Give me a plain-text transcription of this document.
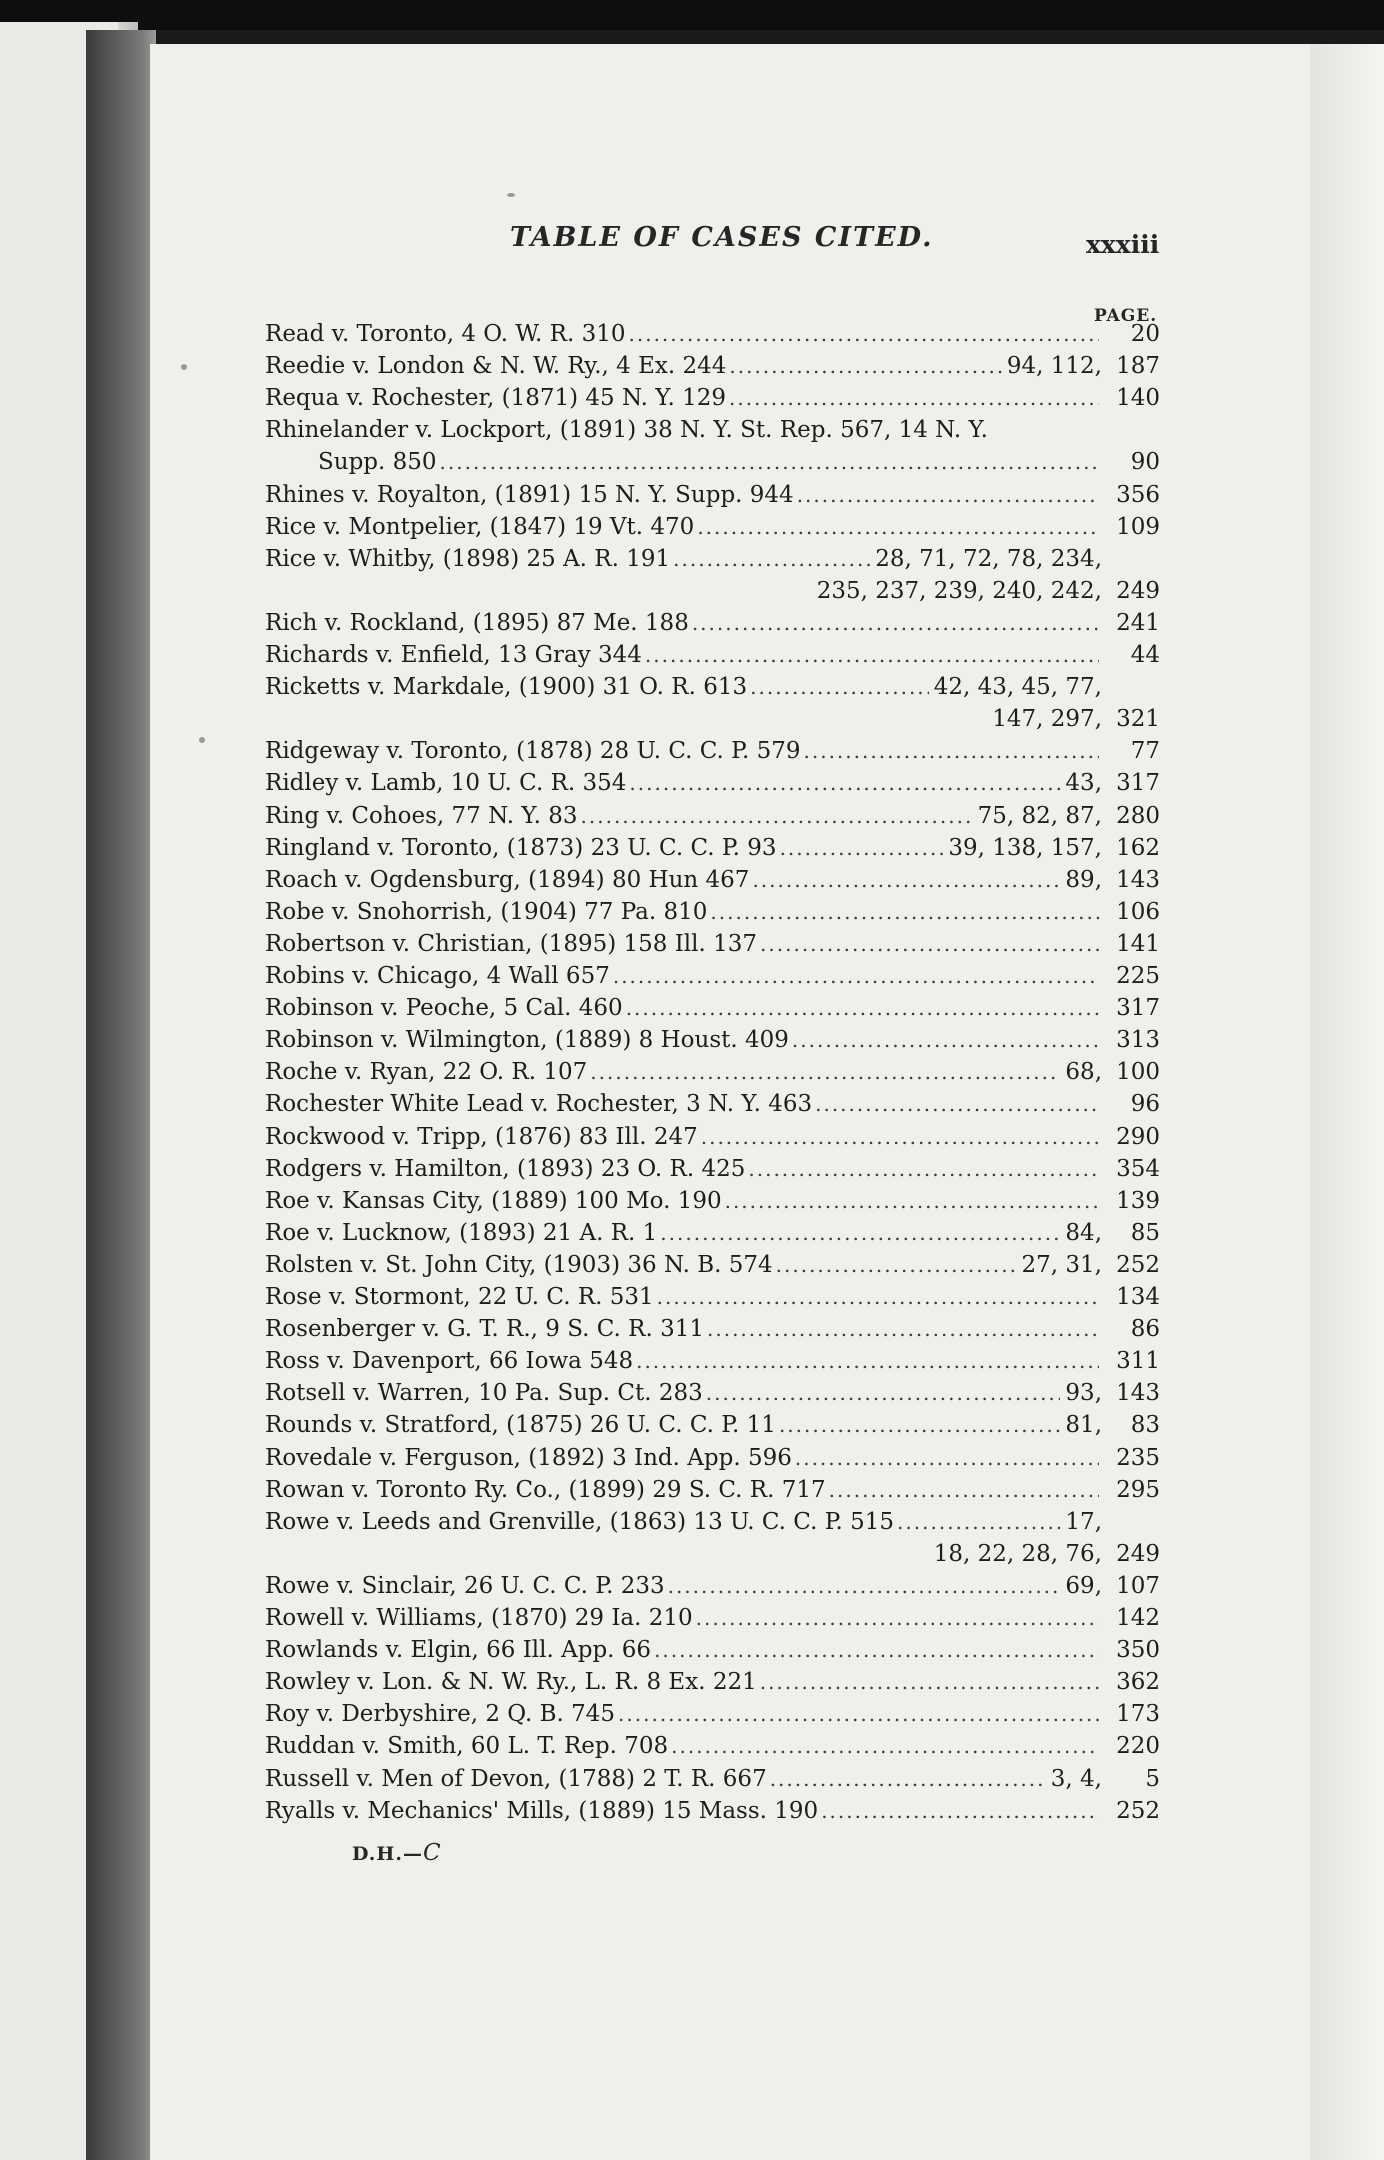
TABLE OF CASES CITED.	xxxiii
PAGE.
Read v. Toronto, 4 O. W. R. 310 .....	20
Reedie v. London & N. W. Ry., 4 Ex. 244 .....	94, 112, 187
Requa v. Rochester, (1871) 45 N. Y. 129 .....	140
Rhinelander v. Lockport, (1891) 38 N. Y. St. Rep. 567, 14 N. Y.
Supp. 850 .....	90
Rhines v. Royalton, (1891) 15 N. Y. Supp. 944 .....	356
Rice v. Montpelier, (1847) 19 Vt. 470 .....	109
Rice v. Whitby, (1898) 25 A. R. 191 .....	28, 71, 72, 78, 234,
235, 237, 239, 240, 242, 249
Rich v. Rockland, (1895) 87 Me. 188 .....	241
Richards v. Enfield, 13 Gray 344 .....	44
Ricketts v. Markdale, (1900) 31 O. R. 613 .....	42, 43, 45, 77,
147, 297, 321
Ridgeway v. Toronto, (1878) 28 U. C. C. P. 579 .....	77
Ridley v. Lamb, 10 U. C. R. 354 .....	43, 317
Ring v. Cohoes, 77 N. Y. 83 .....	75, 82, 87, 280
Ringland v. Toronto, (1873) 23 U. C. C. P. 93 .....	39, 138, 157, 162
Roach v. Ogdensburg, (1894) 80 Hun 467 .....	89, 143
Robe v. Snohorrish, (1904) 77 Pa. 810 .....	106
Robertson v. Christian, (1895) 158 Ill. 137 .....	141
Robins v. Chicago, 4 Wall 657 .....	225
Robinson v. Peoche, 5 Cal. 460 .....	317
Robinson v. Wilmington, (1889) 8 Houst. 409 .....	313
Roche v. Ryan, 22 O. R. 107 .....	68, 100
Rochester White Lead v. Rochester, 3 N. Y. 463 .....	96
Rockwood v. Tripp, (1876) 83 Ill. 247 .....	290
Rodgers v. Hamilton, (1893) 23 O. R. 425 .....	354
Roe v. Kansas City, (1889) 100 Mo. 190 .....	139
Roe v. Lucknow, (1893) 21 A. R. 1 .....	84,	85
Rolsten v. St. John City, (1903) 36 N. B. 574 .....	27, 31, 252
Rose v. Stormont, 22 U. C. R. 531 .....	134
Rosenberger v. G. T. R., 9 S. C. R. 311 .....	86
Ross v. Davenport, 66 Iowa 548 .....	311
Rotsell v. Warren, 10 Pa. Sup. Ct. 283 .....	93, 143
Rounds v. Stratford, (1875) 26 U. C. C. P. 11 .....	81,	83
Rovedale v. Ferguson, (1892) 3 Ind. App. 596 .....	235
Rowan v. Toronto Ry. Co., (1899) 29 S. C. R. 717 .....	295
Rowe v. Leeds and Grenville, (1863) 13 U. C. C. P. 515 .....	17,
18, 22, 28, 76, 249
Rowe v. Sinclair, 26 U. C. C. P. 233 .....	69, 107
Rowell v. Williams, (1870) 29 Ia. 210 .....	142
Rowlands v. Elgin, 66 Ill. App. 66 .....	350
Rowley v. Lon. & N. W. Ry., L. R. 8 Ex. 221 .....	362
Roy v. Derbyshire, 2 Q. B. 745 .....	173
Ruddan v. Smith, 60 L. T. Rep. 708 .....	220
Russell v. Men of Devon, (1788) 2 T. R. 667 .....	3, 4,	5
Ryalls v. Mechanics' Mills, (1889) 15 Mass. 190 .....	252
D.H.—C
